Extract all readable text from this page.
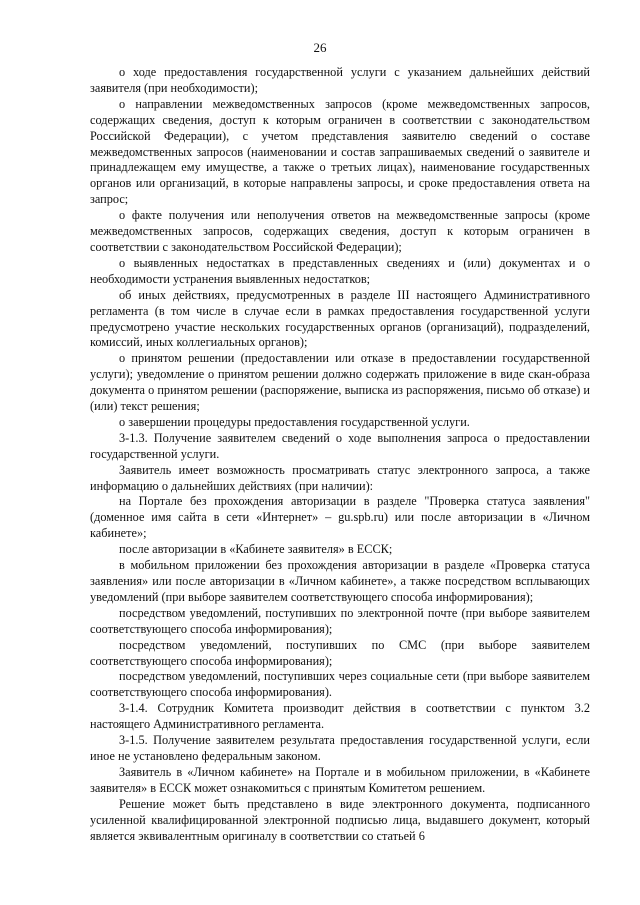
26

о ходе предоставления государственной услуги с указанием дальнейших действий заявителя (при необходимости);

о направлении межведомственных запросов (кроме межведомственных запросов, содержащих сведения, доступ к которым ограничен в соответствии с законодательством Российской Федерации), с учетом представления заявителю сведений о составе межведомственных запросов (наименовании и состав запрашиваемых сведений о заявителе и принадлежащем ему имуществе, а также о третьих лицах), наименование государственных органов или организаций, в которые направлены запросы, и сроке предоставления ответа на запрос;

о факте получения или неполучения ответов на межведомственные запросы (кроме межведомственных запросов, содержащих сведения, доступ к которым ограничен в соответствии с законодательством Российской Федерации);

о выявленных недостатках в представленных сведениях и (или) документах и о необходимости устранения выявленных недостатков;

об иных действиях, предусмотренных в разделе III настоящего Административного регламента (в том числе в случае если в рамках предоставления государственной услуги предусмотрено участие нескольких государственных органов (организаций), подразделений, комиссий, иных коллегиальных органов);

о принятом решении (предоставлении или отказе в предоставлении государственной услуги); уведомление о принятом решении должно содержать приложение в виде скан-образа документа о принятом решении (распоряжение, выписка из распоряжения, письмо об отказе) и (или) текст решения;

о завершении процедуры предоставления государственной услуги.

3-1.3. Получение заявителем сведений о ходе выполнения запроса о предоставлении государственной услуги.

Заявитель имеет возможность просматривать статус электронного запроса, а также информацию о дальнейших действиях (при наличии):

на Портале без прохождения авторизации в разделе "Проверка статуса заявления" (доменное имя сайта в сети «Интернет» – gu.spb.ru) или после авторизации в «Личном кабинете»;

после авторизации в «Кабинете заявителя» в ЕССК;

в мобильном приложении без прохождения авторизации в разделе «Проверка статуса заявления» или после авторизации в «Личном кабинете», а также посредством всплывающих уведомлений (при выборе заявителем соответствующего способа информирования);

посредством уведомлений, поступивших по электронной почте (при выборе заявителем соответствующего способа информирования);

посредством уведомлений, поступивших по СМС (при выборе заявителем соответствующего способа информирования);

посредством уведомлений, поступивших через социальные сети (при выборе заявителем соответствующего способа информирования).

3-1.4. Сотрудник Комитета производит действия в соответствии с пунктом 3.2 настоящего Административного регламента.

3-1.5. Получение заявителем результата предоставления государственной услуги, если иное не установлено федеральным законом.

Заявитель в «Личном кабинете» на Портале и в мобильном приложении, в «Кабинете заявителя» в ЕССК может ознакомиться с принятым Комитетом решением.

Решение может быть представлено в виде электронного документа, подписанного усиленной квалифицированной электронной подписью лица, выдавшего документ, который является эквивалентным оригиналу в соответствии со статьей 6
